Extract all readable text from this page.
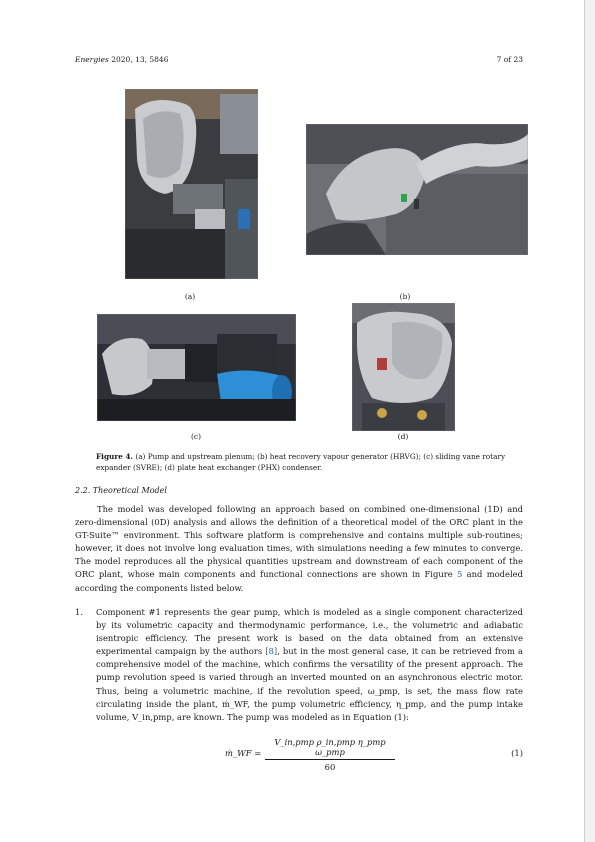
Energies 2020, 13, 5846	7 of 23
(a)	(b)
(c)	(d)
Figure 4. (a) Pump and upstream plenum; (b) heat recovery vapour generator (HRVG); (c) sliding vane rotary expander (SVRE); (d) plate heat exchanger (PHX) condenser.
2.2. Theoretical Model
The model was developed following an approach based on combined one-dimensional (1D) and zero-dimensional (0D) analysis and allows the definition of a theoretical model of the ORC plant in the GT-Suite™ environment. This software platform is comprehensive and contains multiple sub-routines; however, it does not involve long evaluation times, with simulations needing a few minutes to converge. The model reproduces all the physical quantities upstream and downstream of each component of the ORC plant, whose main components and functional connections are shown in Figure 5 and modeled according the components listed below.
1. Component #1 represents the gear pump, which is modeled as a single component characterized by its volumetric capacity and thermodynamic performance, i.e., the volumetric and adiabatic isentropic efficiency. The present work is based on the data obtained from an extensive experimental campaign by the authors [8], but in the most general case, it can be retrieved from a comprehensive model of the machine, which confirms the versatility of the present approach. The pump revolution speed is varied through an inverted mounted on an asynchronous electric motor. Thus, being a volumetric machine, if the revolution speed, ω_pmp, is set, the mass flow rate circulating inside the plant, ṁ_WF, the pump volumetric efficiency, η_pmp, and the pump intake volume, V_in,pmp, are known. The pump was modeled as in Equation (1):
ṁ_WF =
V_in,pmp ρ_in,pmp η_pmp ω_pmp
60
(1)
